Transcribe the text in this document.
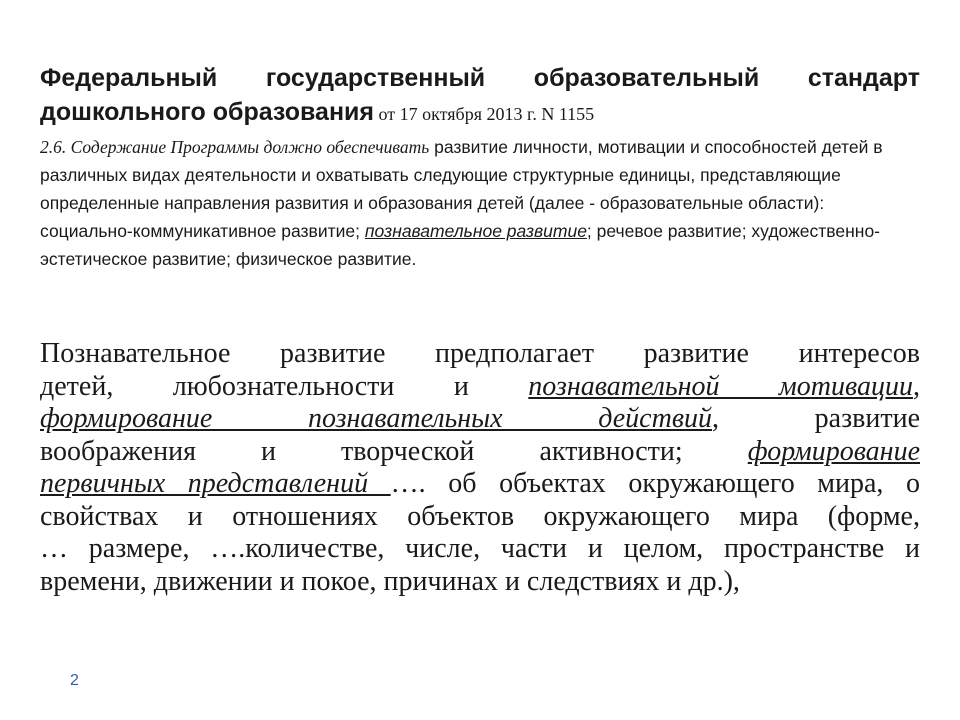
Федеральный государственный образовательный стандарт

дошкольного образования от 17 октября 2013 г. N 1155

2.6. Содержание Программы должно обеспечивать развитие личности, мотивации и способностей детей в различных видах деятельности и охватывать следующие структурные единицы, представляющие определенные направления развития и образования детей (далее - образовательные области):
социально-коммуникативное развитие; познавательное развитие; речевое развитие; художественно-эстетическое развитие; физическое развитие.

Познавательное развитие предполагает развитие интересов
детей, любознательности и познавательной мотивации,
формирование познавательных действий, развитие
воображения и творческой активности; формирование
первичных представлений …. об объектах окружающего мира, о
свойствах и отношениях объектов окружающего мира (форме,
… размере, ….количестве, числе, части и целом, пространстве и
времени, движении и покое, причинах и следствиях и др.),

2
